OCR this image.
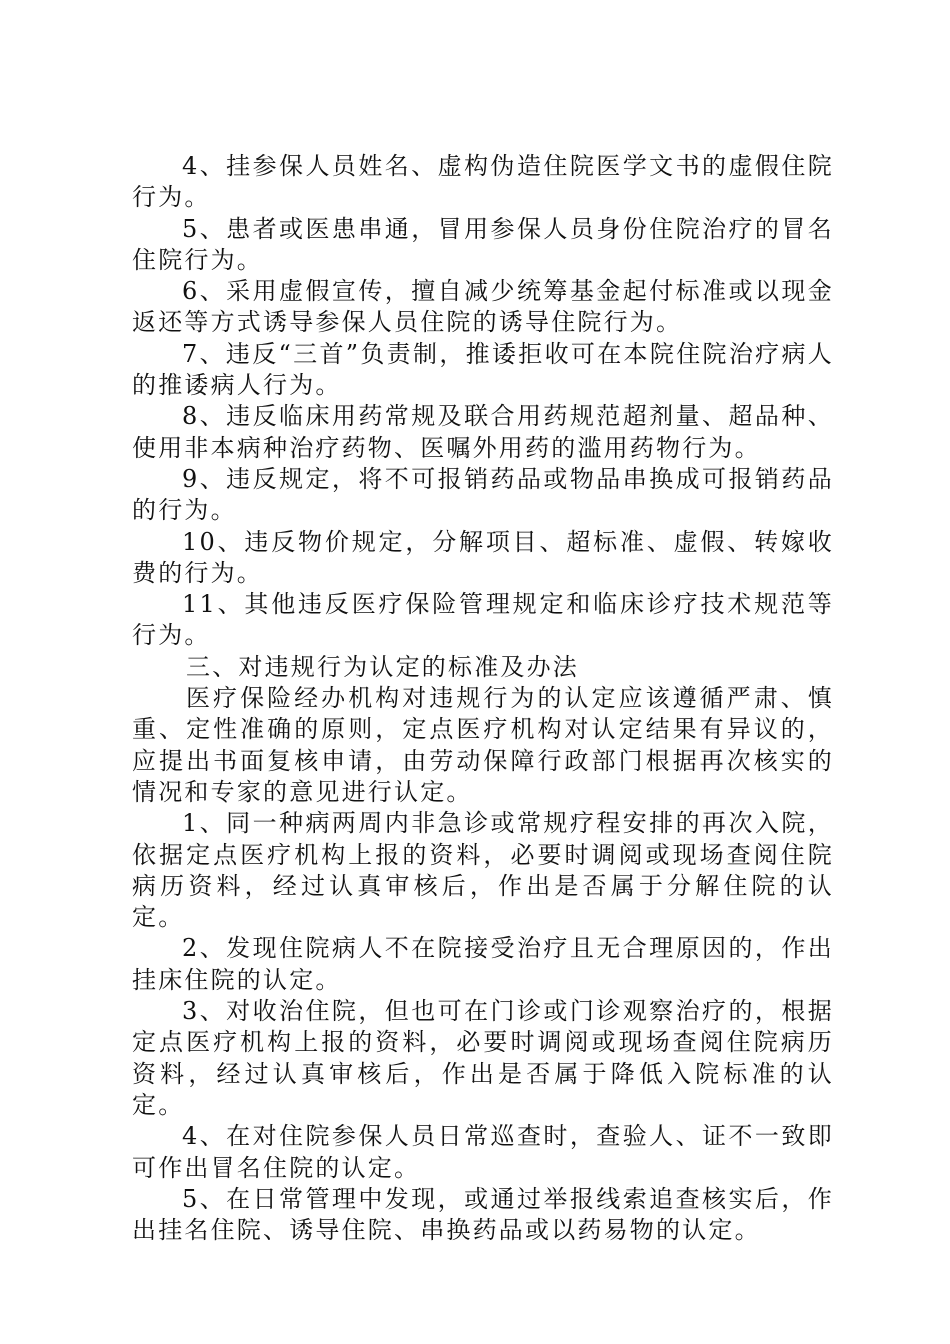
4、挂参保人员姓名、虚构伪造住院医学文书的虚假住院行为。

5、患者或医患串通，冒用参保人员身份住院治疗的冒名住院行为。

6、采用虚假宣传，擅自减少统筹基金起付标准或以现金返还等方式诱导参保人员住院的诱导住院行为。

7、违反“三首”负责制，推诿拒收可在本院住院治疗病人的推诿病人行为。

8、违反临床用药常规及联合用药规范超剂量、超品种、使用非本病种治疗药物、医嘱外用药的滥用药物行为。

9、违反规定，将不可报销药品或物品串换成可报销药品的行为。

10、违反物价规定，分解项目、超标准、虚假、转嫁收费的行为。

11、其他违反医疗保险管理规定和临床诊疗技术规范等行为。

三、对违规行为认定的标准及办法

医疗保险经办机构对违规行为的认定应该遵循严肃、慎重、定性准确的原则，定点医疗机构对认定结果有异议的，应提出书面复核申请，由劳动保障行政部门根据再次核实的情况和专家的意见进行认定。

1、同一种病两周内非急诊或常规疗程安排的再次入院，依据定点医疗机构上报的资料，必要时调阅或现场查阅住院病历资料，经过认真审核后，作出是否属于分解住院的认定。

2、发现住院病人不在院接受治疗且无合理原因的，作出挂床住院的认定。

3、对收治住院，但也可在门诊或门诊观察治疗的，根据定点医疗机构上报的资料，必要时调阅或现场查阅住院病历资料，经过认真审核后，作出是否属于降低入院标准的认定。

4、在对住院参保人员日常巡查时，查验人、证不一致即可作出冒名住院的认定。

5、在日常管理中发现，或通过举报线索追查核实后，作出挂名住院、诱导住院、串换药品或以药易物的认定。
